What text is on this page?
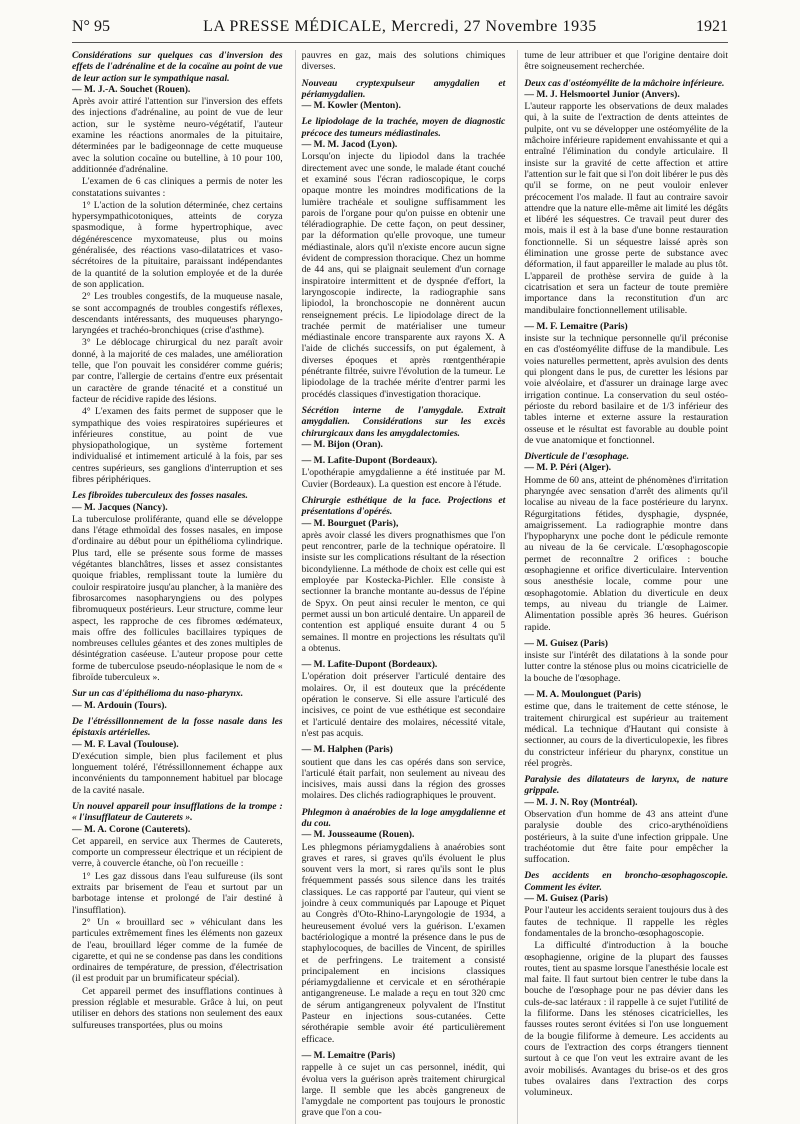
N° 95	LA PRESSE MÉDICALE, Mercredi, 27 Novembre 1935	1921
Considérations sur quelques cas d'inversion des effets de l'adrénaline et de la cocaïne au point de vue de leur action sur le sympathique nasal.
— M. J.-A. Souchet (Rouen).

Après avoir attiré l'attention sur l'inversion des effets des injections d'adrénaline, au point de vue de leur action, sur le système neuro-végétatif, l'auteur examine les réactions anormales de la pituitaire, déterminées par le badigeonnage de cette muqueuse avec la solution cocaïne ou butelline, à 10 pour 100, additionnée d'adrénaline.

L'examen de 6 cas cliniques a permis de noter les constatations suivantes :

1° L'action de la solution déterminée, chez certains hypersympathicotoniques, atteints de coryza spasmodique, à forme hypertrophique, avec dégénérescence myxomateuse, plus ou moins généralisée, des réactions vaso-dilatatrices et vaso-sécrétoires de la pituitaire, paraissant indépendantes de la quantité de la solution employée et de la durée de son application.

2° Les troubles congestifs, de la muqueuse nasale, se sont accompagnés de troubles congestifs réflexes, descendants intéressants, des muqueuses pharyngo-laryngées et trachéo-bronchiques (crise d'asthme).

3° Le déblocage chirurgical du nez paraît avoir donné, à la majorité de ces malades, une amélioration telle, que l'on pouvait les considérer comme guéris; par contre, l'allergie de certains d'entre eux présentait un caractère de grande ténacité et a constitué un facteur de récidive rapide des lésions.

4° L'examen des faits permet de supposer que le sympathique des voies respiratoires supérieures et inférieures constitue, au point de vue physiopathologique, un système fortement individualisé et intimement articulé à la fois, par ses centres supérieurs, ses ganglions d'interruption et ses fibres périphériques.

Les fibroïdes tuberculeux des fosses nasales.
— M. Jacques (Nancy).

La tuberculose proliférante, quand elle se développe dans l'étage ethmoïdal des fosses nasales, en impose d'ordinaire au début pour un épithélioma cylindrique. Plus tard, elle se présente sous forme de masses végétantes blanchâtres, lisses et assez consistantes quoique friables, remplissant toute la lumière du couloir respiratoire jusqu'au plancher, à la manière des fibrosarcomes nasopharyngiens ou des polypes fibromuqueux postérieurs. Leur structure, comme leur aspect, les rapproche de ces fibromes œdémateux, mais offre des follicules bacillaires typiques de nombreuses cellules géantes et des zones multiples de désintégration caséeuse. L'auteur propose pour cette forme de tuberculose pseudo-néoplasique le nom de « fibroïde tuberculeux ».

Sur un cas d'épithélioma du naso-pharynx.
— M. Ardouin (Tours).
De l'étréssillonnement de la fosse nasale dans les épistaxis artérielles.
— M. F. Laval (Toulouse).

D'exécution simple, bien plus facilement et plus longuement toléré, l'étréssillonnement échappe aux inconvénients du tamponnement habituel par blocage de la cavité nasale.

Un nouvel appareil pour insufflations de la trompe : « l'insufflateur de Cauterets ».
— M. A. Corone (Cauterets).

Cet appareil, en service aux Thermes de Cauterets, comporte un compresseur électrique et un récipient de verre, à couvercle étanche, où l'on recueille :

1° Les gaz dissous dans l'eau sulfureuse (ils sont extraits par brisement de l'eau et surtout par un barbotage intense et prolongé de l'air destiné à l'insufflation).

2° Un « brouillard sec » véhiculant dans les particules extrêmement fines les éléments non gazeux de l'eau, brouillard léger comme de la fumée de cigarette, et qui ne se condense pas dans les conditions ordinaires de température, de pression, d'électrisation (il est produit par un brumificateur spécial).

Cet appareil permet des insufflations continues à pression réglable et mesurable. Grâce à lui, on peut utiliser en dehors des stations non seulement des eaux sulfureuses transportées, plus ou moins

pauvres en gaz, mais des solutions chimiques diverses.

Nouveau cryptexpulseur amygdalien et périamygdalien.
— M. Kowler (Menton).
Le lipiodolage de la trachée, moyen de diagnostic précoce des tumeurs médiastinales.
— M. M. Jacod (Lyon).

Lorsqu'on injecte du lipiodol dans la trachée directement avec une sonde, le malade étant couché et examiné sous l'écran radioscopique, le corps opaque montre les moindres modifications de la lumière trachéale et souligne suffisamment les parois de l'organe pour qu'on puisse en obtenir une téléradiographie. De cette façon, on peut dessiner, par la déformation qu'elle provoque, une tumeur médiastinale, alors qu'il n'existe encore aucun signe évident de compression thoracique. Chez un homme de 44 ans, qui se plaignait seulement d'un cornage inspiratoire intermittent et de dyspnée d'effort, la laryngoscopie indirecte, la radiographie sans lipiodol, la bronchoscopie ne donnèrent aucun renseignement précis. Le lipiodolage direct de la trachée permit de matérialiser une tumeur médiastinale encore transparente aux rayons X. A l'aide de clichés successifs, on put également, à diverses époques et après rœntgenthérapie pénétrante filtrée, suivre l'évolution de la tumeur. Le lipiodolage de la trachée mérite d'entrer parmi les procédés classiques d'investigation thoracique.

Sécrétion interne de l'amygdale. Extrait amygdalien. Considérations sur les excès chirurgicaux dans les amygdalectomies.
— M. Bijon (Oran).
— M. Lafite-Dupont (Bordeaux).

L'opothérapie amygdalienne a été instituée par M. Cuvier (Bordeaux). La question est encore à l'étude.

Chirurgie esthétique de la face. Projections et présentations d'opérés.
— M. Bourguet (Paris),

après avoir classé les divers prognathismes que l'on peut rencontrer, parle de la technique opératoire. Il insiste sur les complications résultant de la résection bicondylienne. La méthode de choix est celle qui est employée par Kostecka-Pichler. Elle consiste à sectionner la branche montante au-dessus de l'épine de Spyx. On peut ainsi reculer le menton, ce qui permet aussi un bon articulé dentaire. Un appareil de contention est appliqué ensuite durant 4 ou 5 semaines. Il montre en projections les résultats qu'il a obtenus.

— M. Lafite-Dupont (Bordeaux).

L'opération doit préserver l'articulé dentaire des molaires. Or, il est douteux que la précédente opération le conserve. Si elle assure l'articulé des incisives, ce point de vue esthétique est secondaire et l'articulé dentaire des molaires, nécessité vitale, n'est pas acquis.

— M. Halphen (Paris)

soutient que dans les cas opérés dans son service, l'articulé était parfait, non seulement au niveau des incisives, mais aussi dans la région des grosses molaires. Des clichés radiographiques le prouvent.

Phlegmon à anaérobies de la loge amygdalienne et du cou.
— M. Jousseaume (Rouen).

Les phlegmons périamygdaliens à anaérobies sont graves et rares, si graves qu'ils évoluent le plus souvent vers la mort, si rares qu'ils sont le plus fréquemment passés sous silence dans les traités classiques. Le cas rapporté par l'auteur, qui vient se joindre à ceux communiqués par Lapouge et Piquet au Congrès d'Oto-Rhino-Laryngologie de 1934, a heureusement évolué vers la guérison. L'examen bactériologique a montré la présence dans le pus de staphylocoques, de bacilles de Vincent, de spirilles et de perfringens. Le traitement a consisté principalement en incisions classiques périamygdalienne et cervicale et en sérothérapie antigangreneuse. Le malade a reçu en tout 320 cmc de sérum antigangreneux polyvalent de l'Institut Pasteur en injections sous-cutanées. Cette sérothérapie semble avoir été particulièrement efficace.

— M. Lemaitre (Paris)

rappelle à ce sujet un cas personnel, inédit, qui évolua vers la guérison après traitement chirurgical large. Il semble que les abcès gangreneux de l'amygdale ne comportent pas toujours le pronostic grave que l'on a cou-

tume de leur attribuer et que l'origine dentaire doit être soigneusement recherchée.

Deux cas d'ostéomyélite de la mâchoire inférieure.
— M. J. Helsmoortel Junior (Anvers).

L'auteur rapporte les observations de deux malades qui, à la suite de l'extraction de dents atteintes de pulpite, ont vu se développer une ostéomyélite de la mâchoire inférieure rapidement envahissante et qui a entraîné l'élimination du condyle articulaire. Il insiste sur la gravité de cette affection et attire l'attention sur le fait que si l'on doit libérer le pus dès qu'il se forme, on ne peut vouloir enlever précocement l'os malade. Il faut au contraire savoir attendre que la nature elle-même ait limité les dégâts et libéré les séquestres. Ce travail peut durer des mois, mais il est à la base d'une bonne restauration fonctionnelle. Si un séquestre laissé après son élimination une grosse perte de substance avec déformation, il faut appareiller le malade au plus tôt. L'appareil de prothèse servira de guide à la cicatrisation et sera un facteur de toute première importance dans la reconstitution d'un arc mandibulaire fonctionnellement utilisable.

— M. F. Lemaitre (Paris)

insiste sur la technique personnelle qu'il préconise en cas d'ostéomyélite diffuse de la mandibule. Les voies naturelles permettent, après avulsion des dents qui plongent dans le pus, de curetter les lésions par voie alvéolaire, et d'assurer un drainage large avec irrigation continue. La conservation du seul ostéo-périoste du rebord basilaire et de 1/3 inférieur des tables interne et externe assure la restauration osseuse et le résultat est favorable au double point de vue anatomique et fonctionnel.

Diverticule de l'œsophage.
— M. P. Péri (Alger).

Homme de 60 ans, atteint de phénomènes d'irritation pharyngée avec sensation d'arrêt des aliments qu'il localise au niveau de la face postérieure du larynx. Régurgitations fétides, dysphagie, dyspnée, amaigrissement. La radiographie montre dans l'hypopharynx une poche dont le pédicule remonte au niveau de la 6e cervicale. L'œsophagoscopie permet de reconnaître 2 orifices : bouche œsophagienne et orifice diverticulaire. Intervention sous anesthésie locale, comme pour une œsophagotomie. Ablation du diverticule en deux temps, au niveau du triangle de Laimer. Alimentation possible après 36 heures. Guérison rapide.

— M. Guisez (Paris)

insiste sur l'intérêt des dilatations à la sonde pour lutter contre la sténose plus ou moins cicatricielle de la bouche de l'œsophage.

— M. A. Moulonguet (Paris)

estime que, dans le traitement de cette sténose, le traitement chirurgical est supérieur au traitement médical. La technique d'Hautant qui consiste à sectionner, au cours de la diverticulopexie, les fibres du constricteur inférieur du pharynx, constitue un réel progrès.

Paralysie des dilatateurs de larynx, de nature grippale.
— M. J. N. Roy (Montréal).

Observation d'un homme de 43 ans atteint d'une paralysie double des crico-arythénoïdiens postérieurs, à la suite d'une infection grippale. Une trachéotomie dut être faite pour empêcher la suffocation.

Des accidents en broncho-œsophagoscopie. Comment les éviter.
— M. Guisez (Paris)

Pour l'auteur les accidents seraient toujours dus à des fautes de technique. Il rappelle les règles fondamentales de la broncho-œsophagoscopie.

La difficulté d'introduction à la bouche œsophagienne, origine de la plupart des fausses routes, tient au spasme lorsque l'anesthésie locale est mal faite. Il faut surtout bien centrer le tube dans la bouche de l'œsophage pour ne pas dévier dans les culs-de-sac latéraux : il rappelle à ce sujet l'utilité de la filiforme. Dans les sténoses cicatricielles, les fausses routes seront évitées si l'on use longuement de la bougie filiforme à demeure. Les accidents au cours de l'extraction des corps étrangers tiennent surtout à ce que l'on veut les extraire avant de les avoir mobilisés. Avantages du brise-os et des gros tubes ovalaires dans l'extraction des corps volumineux.
